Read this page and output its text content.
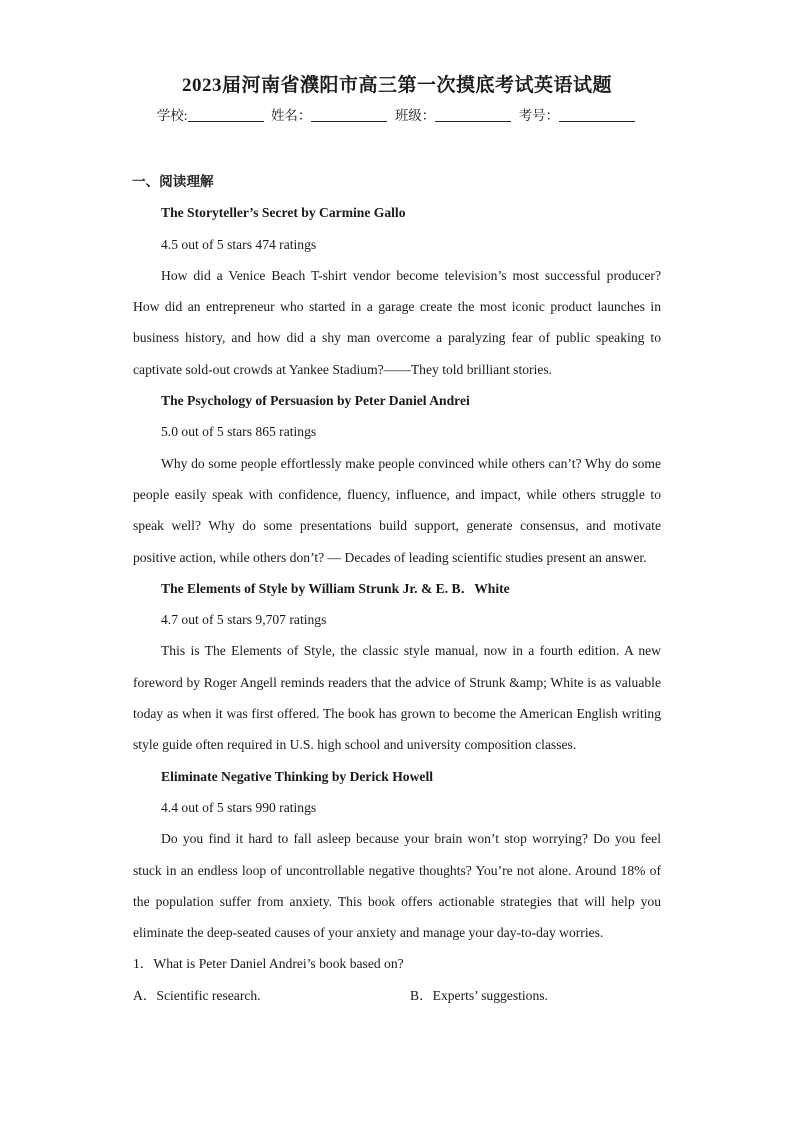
2023届河南省濮阳市高三第一次摸底考试英语试题
学校:	姓名：	班级：	考号：

一、阅读理解

The Storyteller’s Secret by Carmine Gallo

4.5 out of 5 stars 474 ratings

How did a Venice Beach T-shirt vendor become television’s most successful producer? How did an entrepreneur who started in a garage create the most iconic product launches in business history, and how did a shy man overcome a paralyzing fear of public speaking to captivate sold-out crowds at Yankee Stadium?——They told brilliant stories.

The Psychology of Persuasion by Peter Daniel Andrei

5.0 out of 5 stars 865 ratings

Why do some people effortlessly make people convinced while others can’t? Why do some people easily speak with confidence, fluency, influence, and impact, while others struggle to speak well? Why do some presentations build support, generate consensus, and motivate positive action, while others don’t? — Decades of leading scientific studies present an answer.

The Elements of Style by William Strunk Jr. & E. B．White

4.7 out of 5 stars 9,707 ratings

This is The Elements of Style, the classic style manual, now in a fourth edition. A new foreword by Roger Angell reminds readers that the advice of Strunk &amp; White is as valuable today as when it was first offered. The book has grown to become the American English writing style guide often required in U.S. high school and university composition classes.

Eliminate Negative Thinking by Derick Howell

4.4 out of 5 stars 990 ratings

Do you find it hard to fall asleep because your brain won’t stop worrying? Do you feel stuck in an endless loop of uncontrollable negative thoughts? You’re not alone. Around 18% of the population suffer from anxiety. This book offers actionable strategies that will help you eliminate the deep-seated causes of your anxiety and manage your day-to-day worries.

1．What is Peter Daniel Andrei’s book based on?

A．Scientific research.	B．Experts’ suggestions.
